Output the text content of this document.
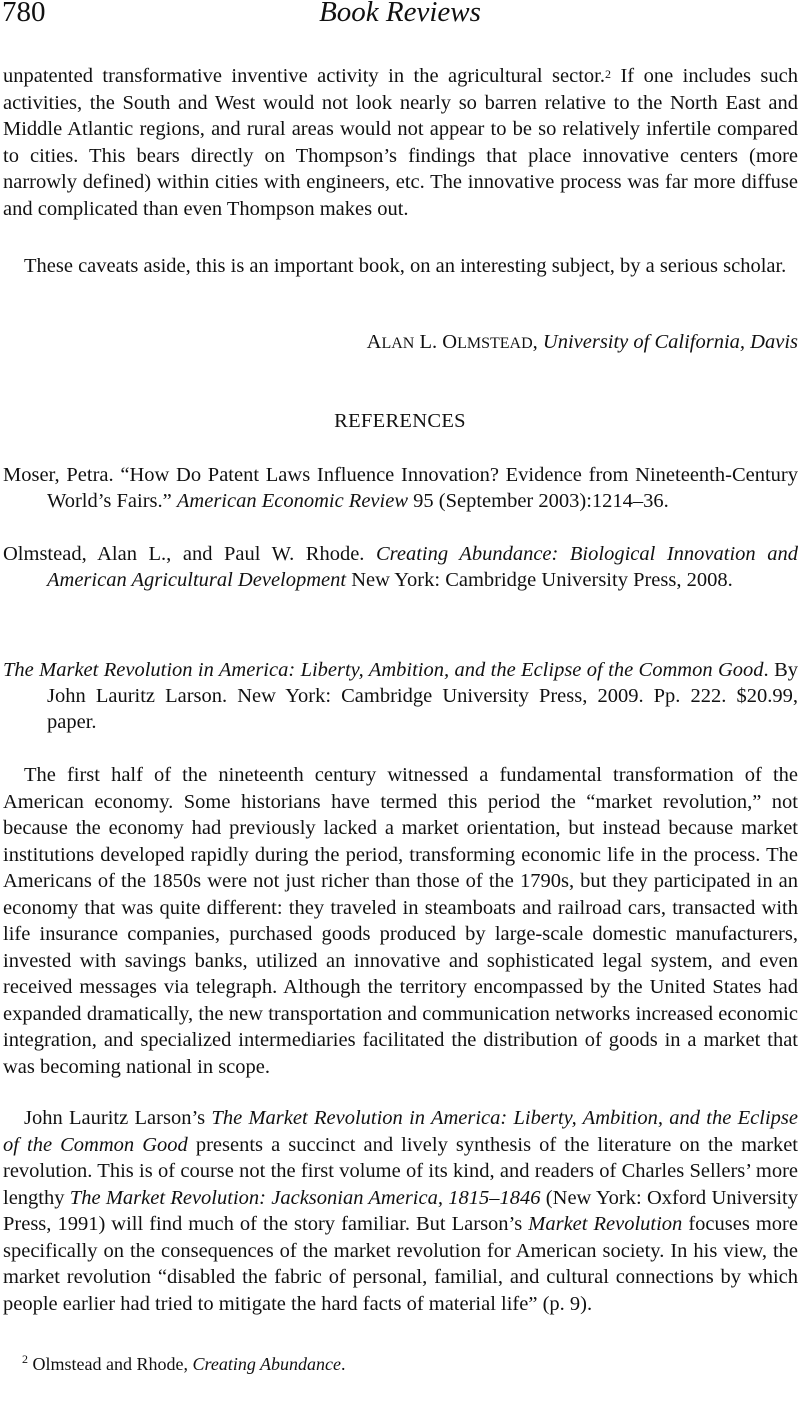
780	Book Reviews

unpatented transformative inventive activity in the agricultural sector.$^2$ If one includes such activities, the South and West would not look nearly so barren relative to the North East and Middle Atlantic regions, and rural areas would not appear to be so relatively infertile compared to cities. This bears directly on Thompson’s findings that place innovative centers (more narrowly defined) within cities with engineers, etc. The innovative process was far more diffuse and complicated than even Thompson makes out.

These caveats aside, this is an important book, on an interesting subject, by a serious scholar.

ALAN L. OLMSTEAD, University of California, Davis
REFERENCES

Moser, Petra. “How Do Patent Laws Influence Innovation? Evidence from Nineteenth-Century World’s Fairs.” American Economic Review 95 (September 2003):1214–36.

Olmstead, Alan L., and Paul W. Rhode. Creating Abundance: Biological Innovation and American Agricultural Development New York: Cambridge University Press, 2008.

The Market Revolution in America: Liberty, Ambition, and the Eclipse of the Common Good. By John Lauritz Larson. New York: Cambridge University Press, 2009. Pp. 222. $20.99, paper.

The first half of the nineteenth century witnessed a fundamental transformation of the American economy. Some historians have termed this period the “market revolution,” not because the economy had previously lacked a market orientation, but instead because market institutions developed rapidly during the period, transforming economic life in the process. The Americans of the 1850s were not just richer than those of the 1790s, but they participated in an economy that was quite different: they traveled in steamboats and railroad cars, transacted with life insurance companies, purchased goods produced by large-scale domestic manufacturers, invested with savings banks, utilized an innovative and sophisticated legal system, and even received messages via telegraph. Although the territory encompassed by the United States had expanded dramatically, the new transportation and communication networks increased economic integration, and specialized intermediaries facilitated the distribution of goods in a market that was becoming national in scope.

John Lauritz Larson’s The Market Revolution in America: Liberty, Ambition, and the Eclipse of the Common Good presents a succinct and lively synthesis of the literature on the market revolution. This is of course not the first volume of its kind, and readers of Charles Sellers’ more lengthy The Market Revolution: Jacksonian America, 1815–1846 (New York: Oxford University Press, 1991) will find much of the story familiar. But Larson’s Market Revolution focuses more specifically on the consequences of the market revolution for American society. In his view, the market revolution “disabled the fabric of personal, familial, and cultural connections by which people earlier had tried to mitigate the hard facts of material life” (p. 9).

$^2$ Olmstead and Rhode, Creating Abundance.
